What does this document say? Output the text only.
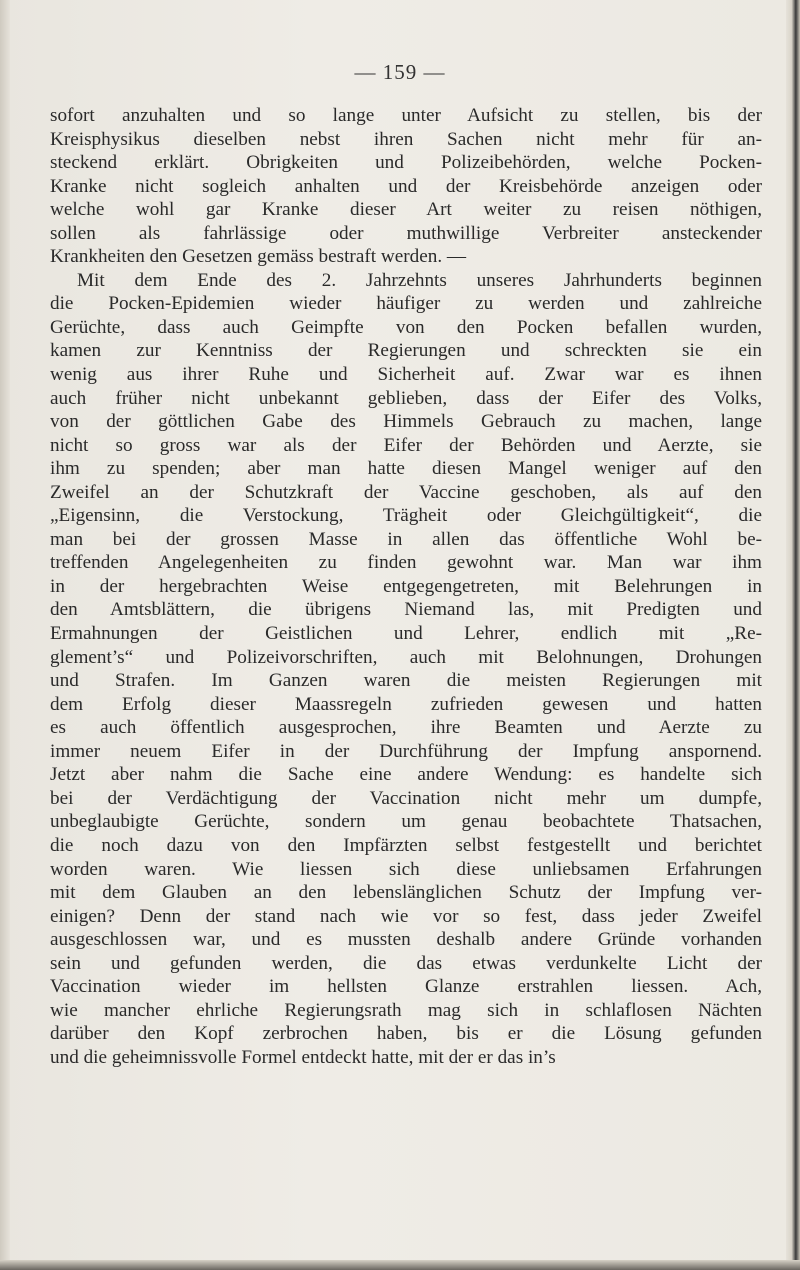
— 159 —
sofort anzuhalten und so lange unter Aufsicht zu stellen, bis der
Kreisphysikus dieselben nebst ihren Sachen nicht mehr für an-
steckend erklärt. Obrigkeiten und Polizeibehörden, welche Pocken-
Kranke nicht sogleich anhalten und der Kreisbehörde anzeigen oder
welche wohl gar Kranke dieser Art weiter zu reisen nöthigen,
sollen als fahrlässige oder muthwillige Verbreiter ansteckender
Krankheiten den Gesetzen gemäss bestraft werden. —
Mit dem Ende des 2. Jahrzehnts unseres Jahrhunderts beginnen
die Pocken-Epidemien wieder häufiger zu werden und zahlreiche
Gerüchte, dass auch Geimpfte von den Pocken befallen wurden,
kamen zur Kenntniss der Regierungen und schreckten sie ein
wenig aus ihrer Ruhe und Sicherheit auf. Zwar war es ihnen
auch früher nicht unbekannt geblieben, dass der Eifer des Volks,
von der göttlichen Gabe des Himmels Gebrauch zu machen, lange
nicht so gross war als der Eifer der Behörden und Aerzte, sie
ihm zu spenden; aber man hatte diesen Mangel weniger auf den
Zweifel an der Schutzkraft der Vaccine geschoben, als auf den
„Eigensinn, die Verstockung, Trägheit oder Gleichgültigkeit“, die
man bei der grossen Masse in allen das öffentliche Wohl be-
treffenden Angelegenheiten zu finden gewohnt war. Man war ihm
in der hergebrachten Weise entgegengetreten, mit Belehrungen in
den Amtsblättern, die übrigens Niemand las, mit Predigten und
Ermahnungen der Geistlichen und Lehrer, endlich mit „Re-
glement’s“ und Polizeivorschriften, auch mit Belohnungen, Drohungen
und Strafen. Im Ganzen waren die meisten Regierungen mit
dem Erfolg dieser Maassregeln zufrieden gewesen und hatten
es auch öffentlich ausgesprochen, ihre Beamten und Aerzte zu
immer neuem Eifer in der Durchführung der Impfung anspornend.
Jetzt aber nahm die Sache eine andere Wendung: es handelte sich
bei der Verdächtigung der Vaccination nicht mehr um dumpfe,
unbeglaubigte Gerüchte, sondern um genau beobachtete Thatsachen,
die noch dazu von den Impfärzten selbst festgestellt und berichtet
worden waren. Wie liessen sich diese unliebsamen Erfahrungen
mit dem Glauben an den lebenslänglichen Schutz der Impfung ver-
einigen? Denn der stand nach wie vor so fest, dass jeder Zweifel
ausgeschlossen war, und es mussten deshalb andere Gründe vorhanden
sein und gefunden werden, die das etwas verdunkelte Licht der
Vaccination wieder im hellsten Glanze erstrahlen liessen. Ach,
wie mancher ehrliche Regierungsrath mag sich in schlaflosen Nächten
darüber den Kopf zerbrochen haben, bis er die Lösung gefunden
und die geheimnissvolle Formel entdeckt hatte, mit der er das in’s
